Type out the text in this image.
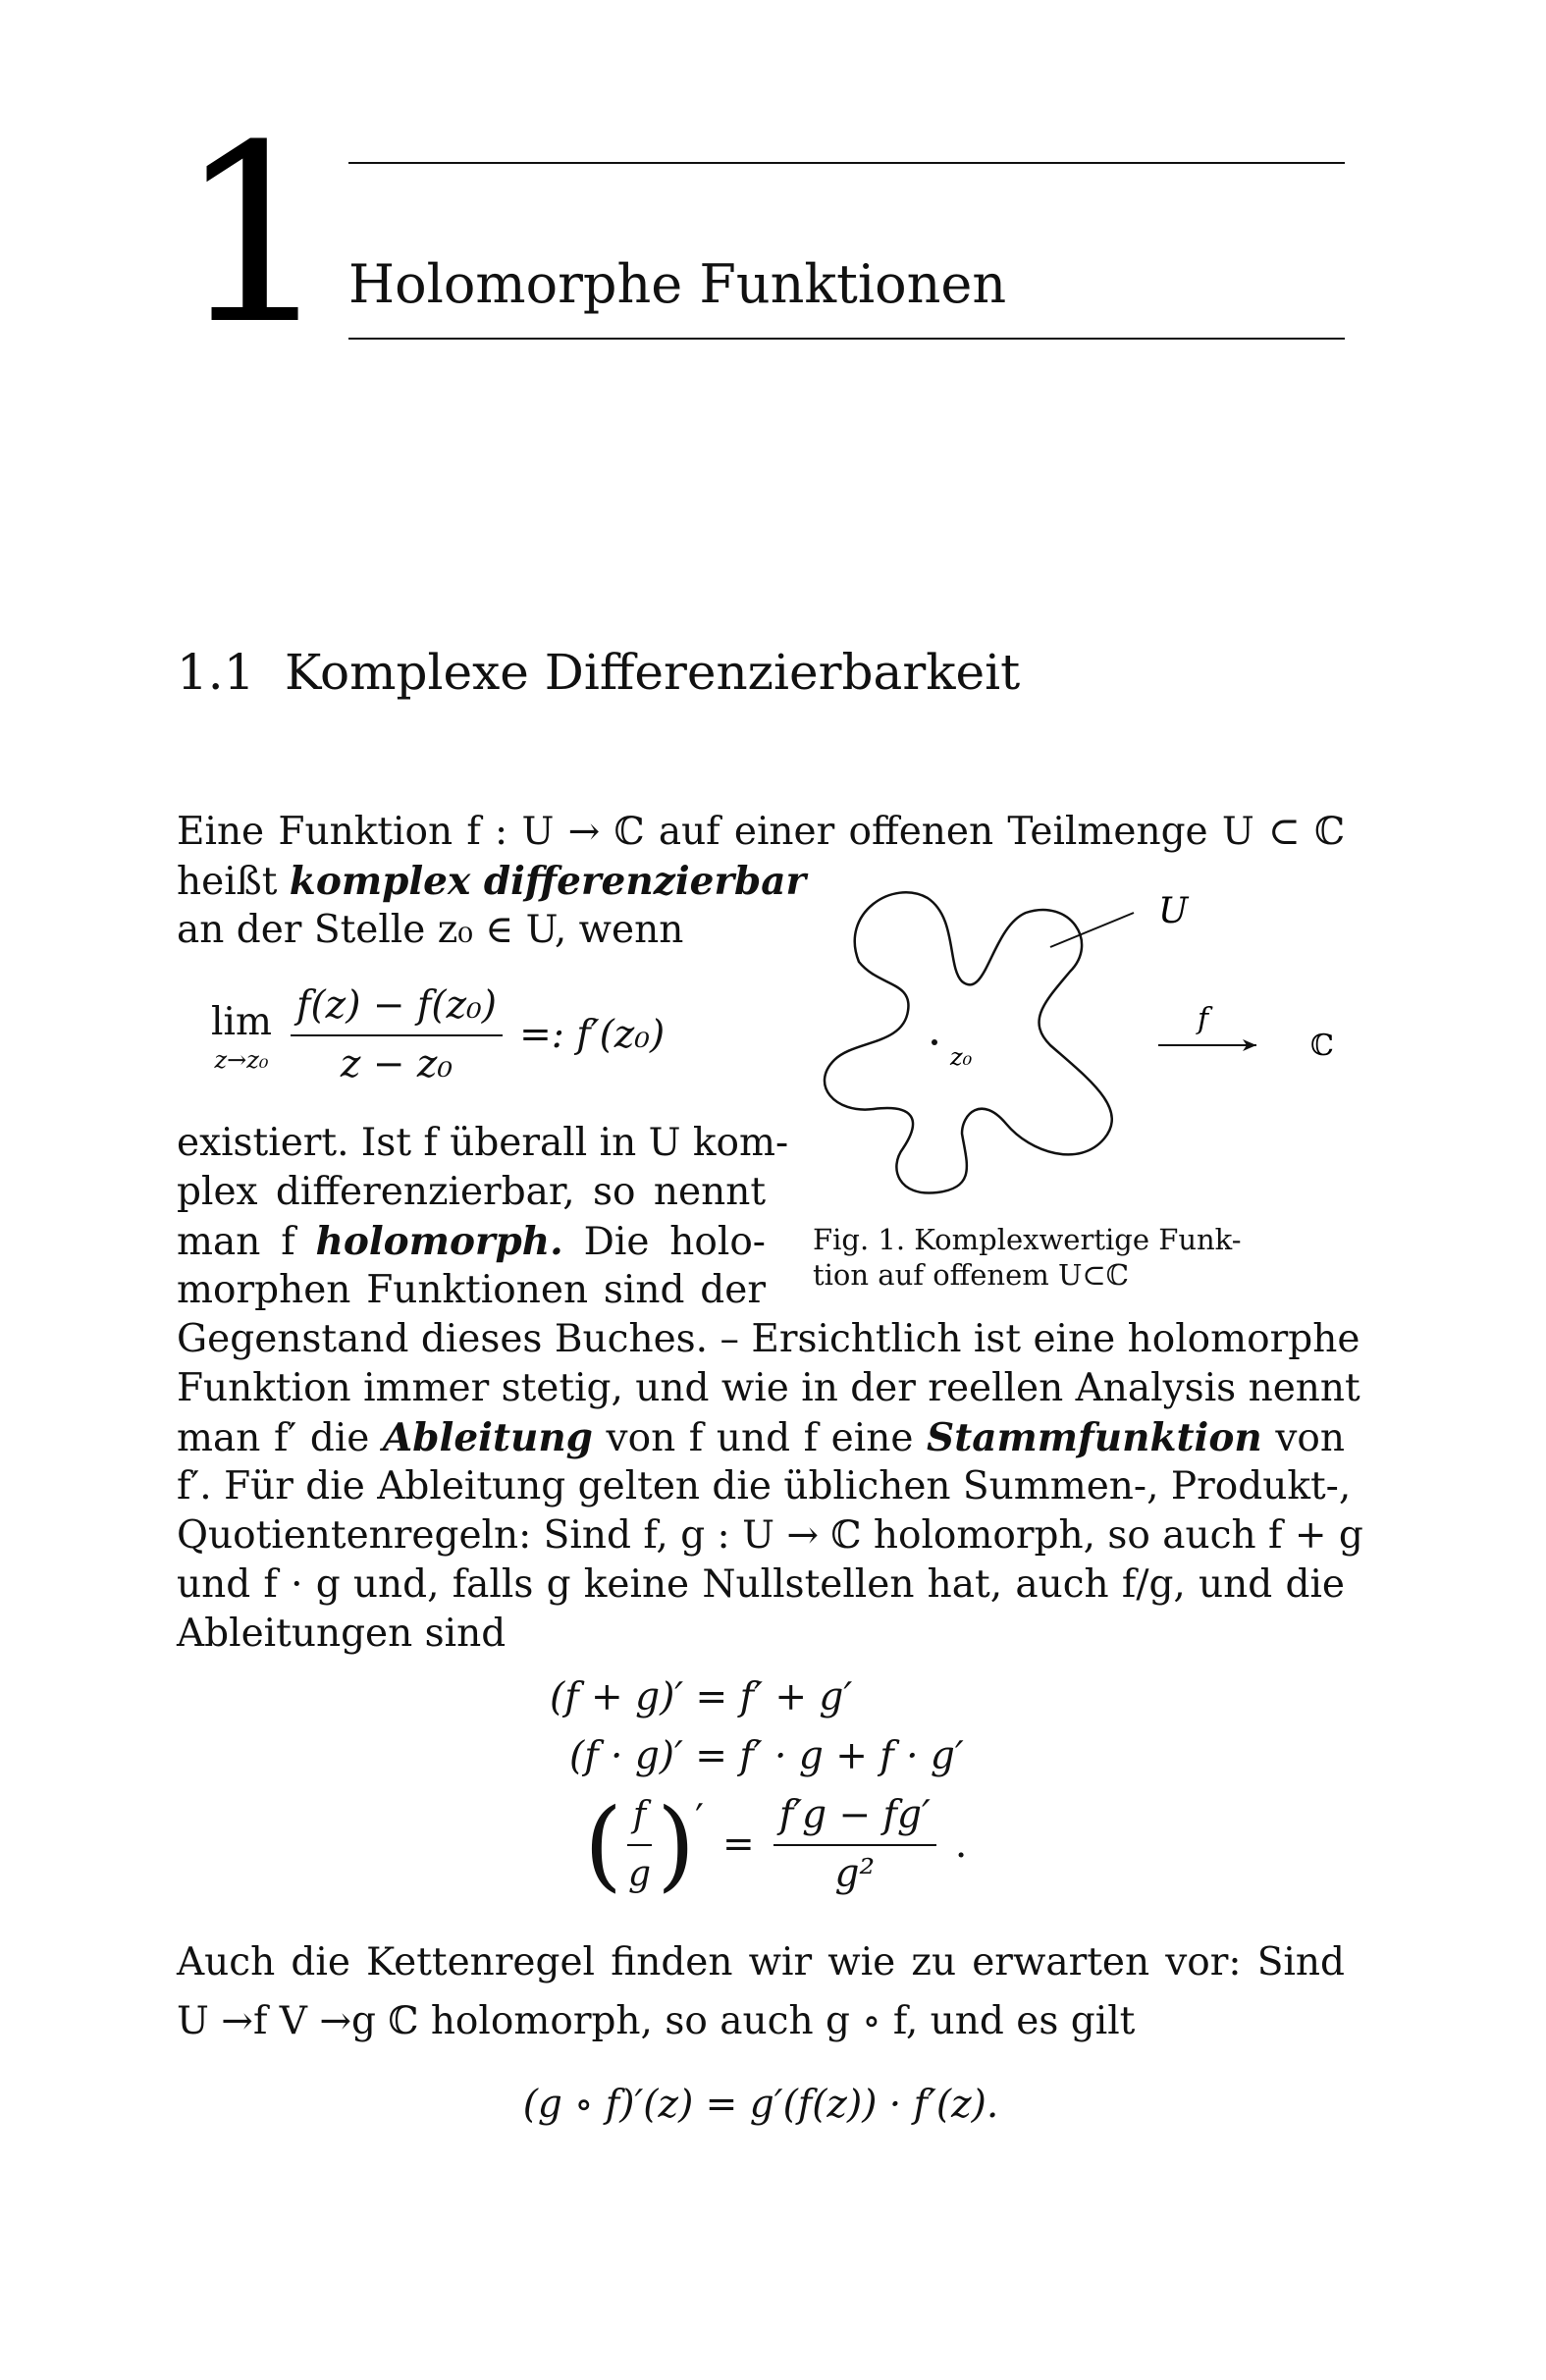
1 Holomorphe Funktionen
1.1 Komplexe Differenzierbarkeit
Eine Funktion f : U → ℂ auf einer offenen Teilmenge U ⊂ ℂ
heißt komplex differenzierbar
an der Stelle z₀ ∈ U, wenn
lim
z→z₀
$\frac{\text{f(z) − f(z₀)}}{\text{z − z₀}}$ =: f′(z₀)
existiert. Ist f überall in U kom-
plex differenzierbar, so nennt
man f holomorph. Die holo-
morphen Funktionen sind der
Gegenstand dieses Buches. – Ersichtlich ist eine holomorphe
Funktion immer stetig, und wie in der reellen Analysis nennt
man f′ die Ableitung von f und f eine Stammfunktion von
f′. Für die Ableitung gelten die üblichen Summen-, Produkt-,
Quotientenregeln: Sind f, g : U → ℂ holomorph, so auch f + g
und f · g und, falls g keine Nullstellen hat, auch f/g, und die
Ableitungen sind
(f + g)′ = f′ + g′
(f · g)′ = f′ · g + f · g′
( $\frac{f}{g}$ )′ = $\frac{f'g - fg'}{\text{g²}}$ .
Auch die Kettenregel finden wir wie zu erwarten vor: Sind
U →f V →g ℂ holomorph, so auch g ∘ f, und es gilt
(g ∘ f)′(z) = g′(f(z)) · f′(z).
U
z₀
f
ℂ
Fig. 1. Komplexwertige Funk-
tion auf offenem U⊂ℂ
